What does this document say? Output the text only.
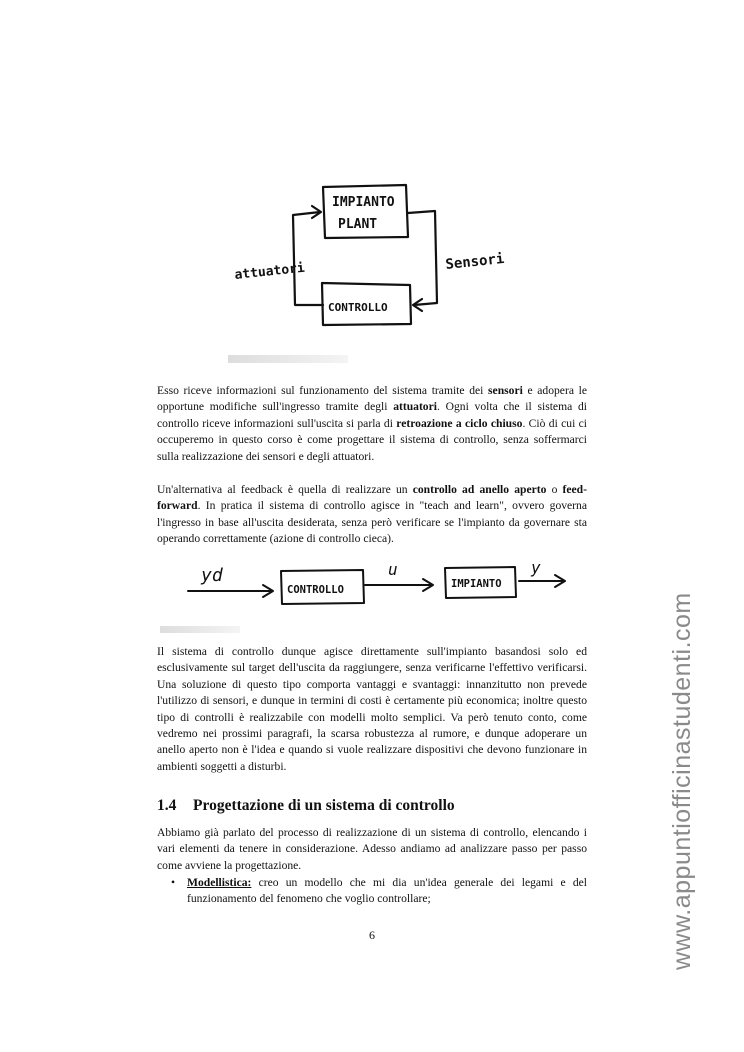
IMPIANTO
PLANT
CONTROLLO
attuatori	Sensori

Esso riceve informazioni sul funzionamento del sistema tramite dei sensori e adopera le opportune modifiche sull'ingresso tramite degli attuatori. Ogni volta che il sistema di controllo riceve informazioni sull'uscita si parla di retroazione a ciclo chiuso. Ciò di cui ci occuperemo in questo corso è come progettare il sistema di controllo, senza soffermarci sulla realizzazione dei sensori e degli attuatori.

Un'alternativa al feedback è quella di realizzare un controllo ad anello aperto o feed-forward. In pratica il sistema di controllo agisce in "teach and learn", ovvero governa l'ingresso in base all'uscita desiderata, senza però verificare se l'impianto da governare sta operando correttamente (azione di controllo cieca).

yd
CONTROLLO
u
IMPIANTO
y

Il sistema di controllo dunque agisce direttamente sull'impianto basandosi solo ed esclusivamente sul target dell'uscita da raggiungere, senza verificarne l'effettivo verificarsi. Una soluzione di questo tipo comporta vantaggi e svantaggi: innanzitutto non prevede l'utilizzo di sensori, e dunque in termini di costi è certamente più economica; inoltre questo tipo di controlli è realizzabile con modelli molto semplici. Va però tenuto conto, come vedremo nei prossimi paragrafi, la scarsa robustezza al rumore, e dunque adoperare un anello aperto non è l'idea e quando si vuole realizzare dispositivi che devono funzionare in ambienti soggetti a disturbi.

1.4 Progettazione di un sistema di controllo

Abbiamo già parlato del processo di realizzazione di un sistema di controllo, elencando i vari elementi da tenere in considerazione. Adesso andiamo ad analizzare passo per passo come avviene la progettazione.

• Modellistica: creo un modello che mi dia un'idea generale dei legami e del funzionamento del fenomeno che voglio controllare;
6	www.appuntiofficinastudenti.com
